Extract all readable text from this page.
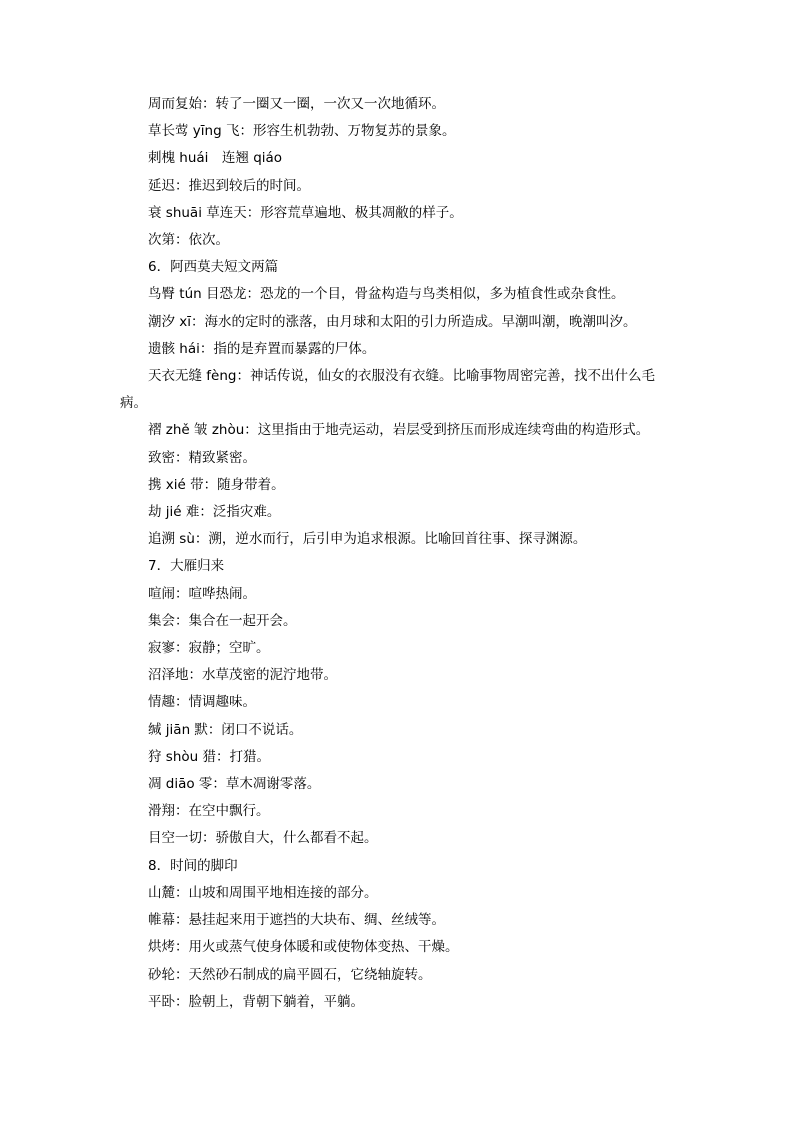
周而复始：转了一圈又一圈，一次又一次地循环。
草长莺 yīng 飞：形容生机勃勃、万物复苏的景象。
刺槐 huái　连翘 qiáo
延迟：推迟到较后的时间。
衰 shuāi 草连天：形容荒草遍地、极其凋敝的样子。
次第：依次。
6．阿西莫夫短文两篇
鸟臀 tún 目恐龙：恐龙的一个目，骨盆构造与鸟类相似，多为植食性或杂食性。
潮汐 xī：海水的定时的涨落，由月球和太阳的引力所造成。早潮叫潮，晚潮叫汐。
遗骸 hái：指的是弃置而暴露的尸体。
天衣无缝 fèng：神话传说，仙女的衣服没有衣缝。比喻事物周密完善，找不出什么毛病。
褶 zhě 皱 zhòu：这里指由于地壳运动，岩层受到挤压而形成连续弯曲的构造形式。
致密：精致紧密。
携 xié 带：随身带着。
劫 jié 难：泛指灾难。
追溯 sù：溯，逆水而行，后引申为追求根源。比喻回首往事、探寻渊源。
7．大雁归来
喧闹：喧哗热闹。
集会：集合在一起开会。
寂寥：寂静；空旷。
沼泽地：水草茂密的泥泞地带。
情趣：情调趣味。
缄 jiān 默：闭口不说话。
狩 shòu 猎：打猎。
凋 diāo 零：草木凋谢零落。
滑翔：在空中飘行。
目空一切：骄傲自大，什么都看不起。
8．时间的脚印
山麓：山坡和周围平地相连接的部分。
帷幕：悬挂起来用于遮挡的大块布、绸、丝绒等。
烘烤：用火或蒸气使身体暖和或使物体变热、干燥。
砂轮：天然砂石制成的扁平圆石，它绕轴旋转。
平卧：脸朝上，背朝下躺着，平躺。
